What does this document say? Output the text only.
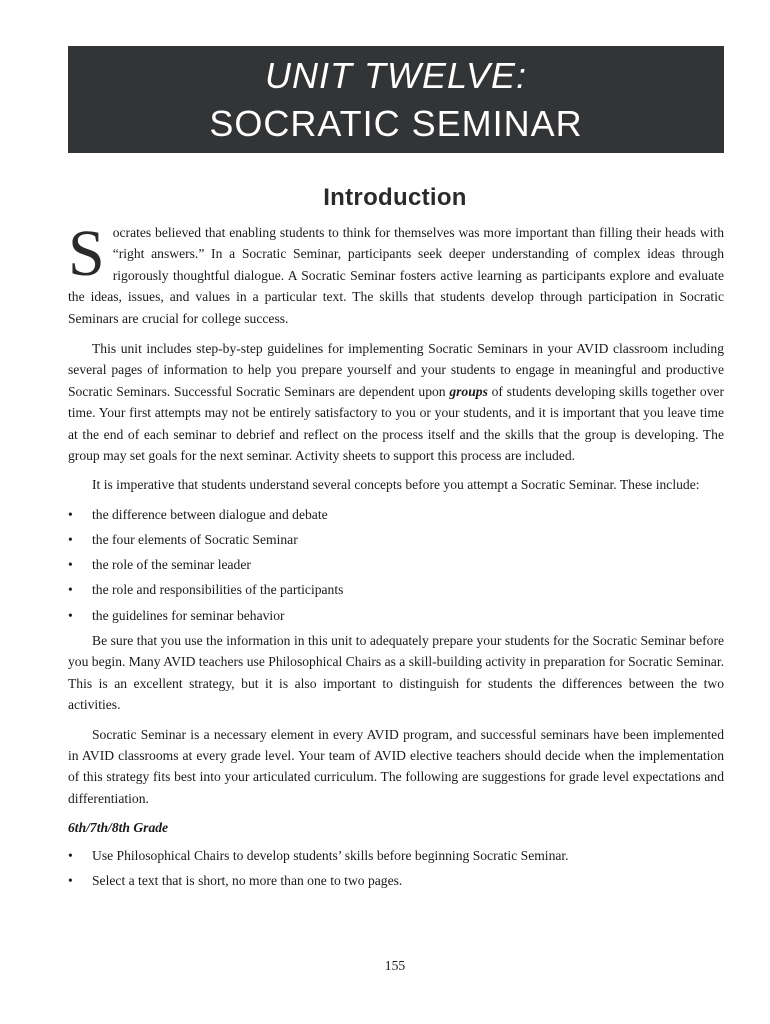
UNIT TWELVE:
SOCRATIC SEMINAR
Introduction

Socrates believed that enabling students to think for themselves was more important than filling their heads with “right answers.” In a Socratic Seminar, participants seek deeper understanding of complex ideas through rigorously thoughtful dialogue. A Socratic Seminar fosters active learning as participants explore and evaluate the ideas, issues, and values in a particular text. The skills that students develop through participation in Socratic Seminars are crucial for college success.

This unit includes step-by-step guidelines for implementing Socratic Seminars in your AVID classroom including several pages of information to help you prepare yourself and your students to engage in meaningful and productive Socratic Seminars. Successful Socratic Seminars are dependent upon groups of students developing skills together over time. Your first attempts may not be entirely satisfactory to you or your students, and it is important that you leave time at the end of each seminar to debrief and reflect on the process itself and the skills that the group is developing. The group may set goals for the next seminar. Activity sheets to support this process are included.

It is imperative that students understand several concepts before you attempt a Socratic Seminar. These include:

• the difference between dialogue and debate
• the four elements of Socratic Seminar
• the role of the seminar leader
• the role and responsibilities of the participants
• the guidelines for seminar behavior

Be sure that you use the information in this unit to adequately prepare your students for the Socratic Seminar before you begin. Many AVID teachers use Philosophical Chairs as a skill-building activity in preparation for Socratic Seminar. This is an excellent strategy, but it is also important to distinguish for students the differences between the two activities.

Socratic Seminar is a necessary element in every AVID program, and successful seminars have been implemented in AVID classrooms at every grade level. Your team of AVID elective teachers should decide when the implementation of this strategy fits best into your articulated curriculum. The following are suggestions for grade level expectations and differentiation.

6th/7th/8th Grade
• Use Philosophical Chairs to develop students’ skills before beginning Socratic Seminar.
• Select a text that is short, no more than one to two pages.
155
